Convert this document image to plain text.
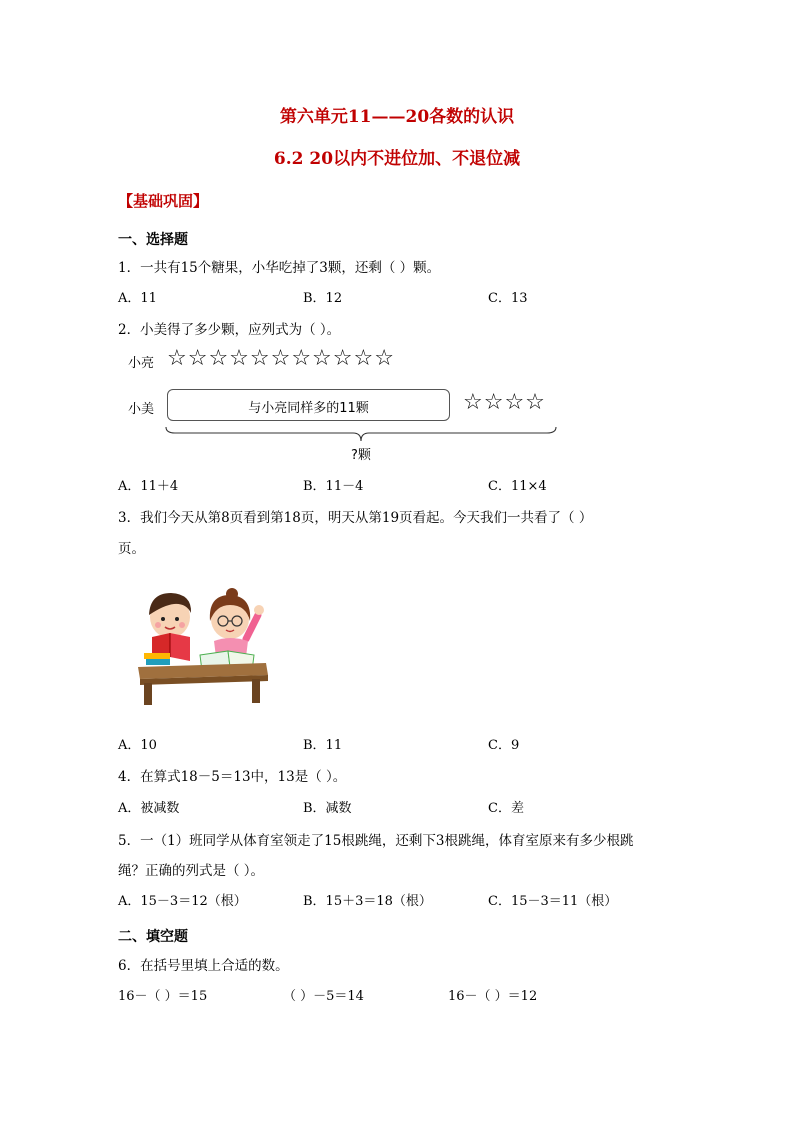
第六单元11——20各数的认识
6.2 20以内不进位加、不退位减
【基础巩固】
一、选择题
1．一共有15个糖果，小华吃掉了3颗，还剩（ ）颗。
A．11	B．12	C．13
2．小美得了多少颗，应列式为（ ）。
小亮 ☆☆☆☆☆☆☆☆☆☆☆
小美	与小亮同样多的11颗	☆☆☆☆
?颗
A．11＋4	B．11－4	C．11×4
3．我们今天从第8页看到第18页，明天从第19页看起。今天我们一共看了（ ）
页。
A．10	B．11	C．9
4．在算式18－5＝13中，13是（ ）。
A．被减数	B．减数	C．差
5．一（1）班同学从体育室领走了15根跳绳，还剩下3根跳绳，体育室原来有多少根跳
绳？正确的列式是（ ）。
A．15－3＝12（根）	B．15＋3＝18（根）	C．15－3＝11（根）
二、填空题
6．在括号里填上合适的数。
16－（ ）＝15	（ ）－5＝14	16－（ ）＝12
